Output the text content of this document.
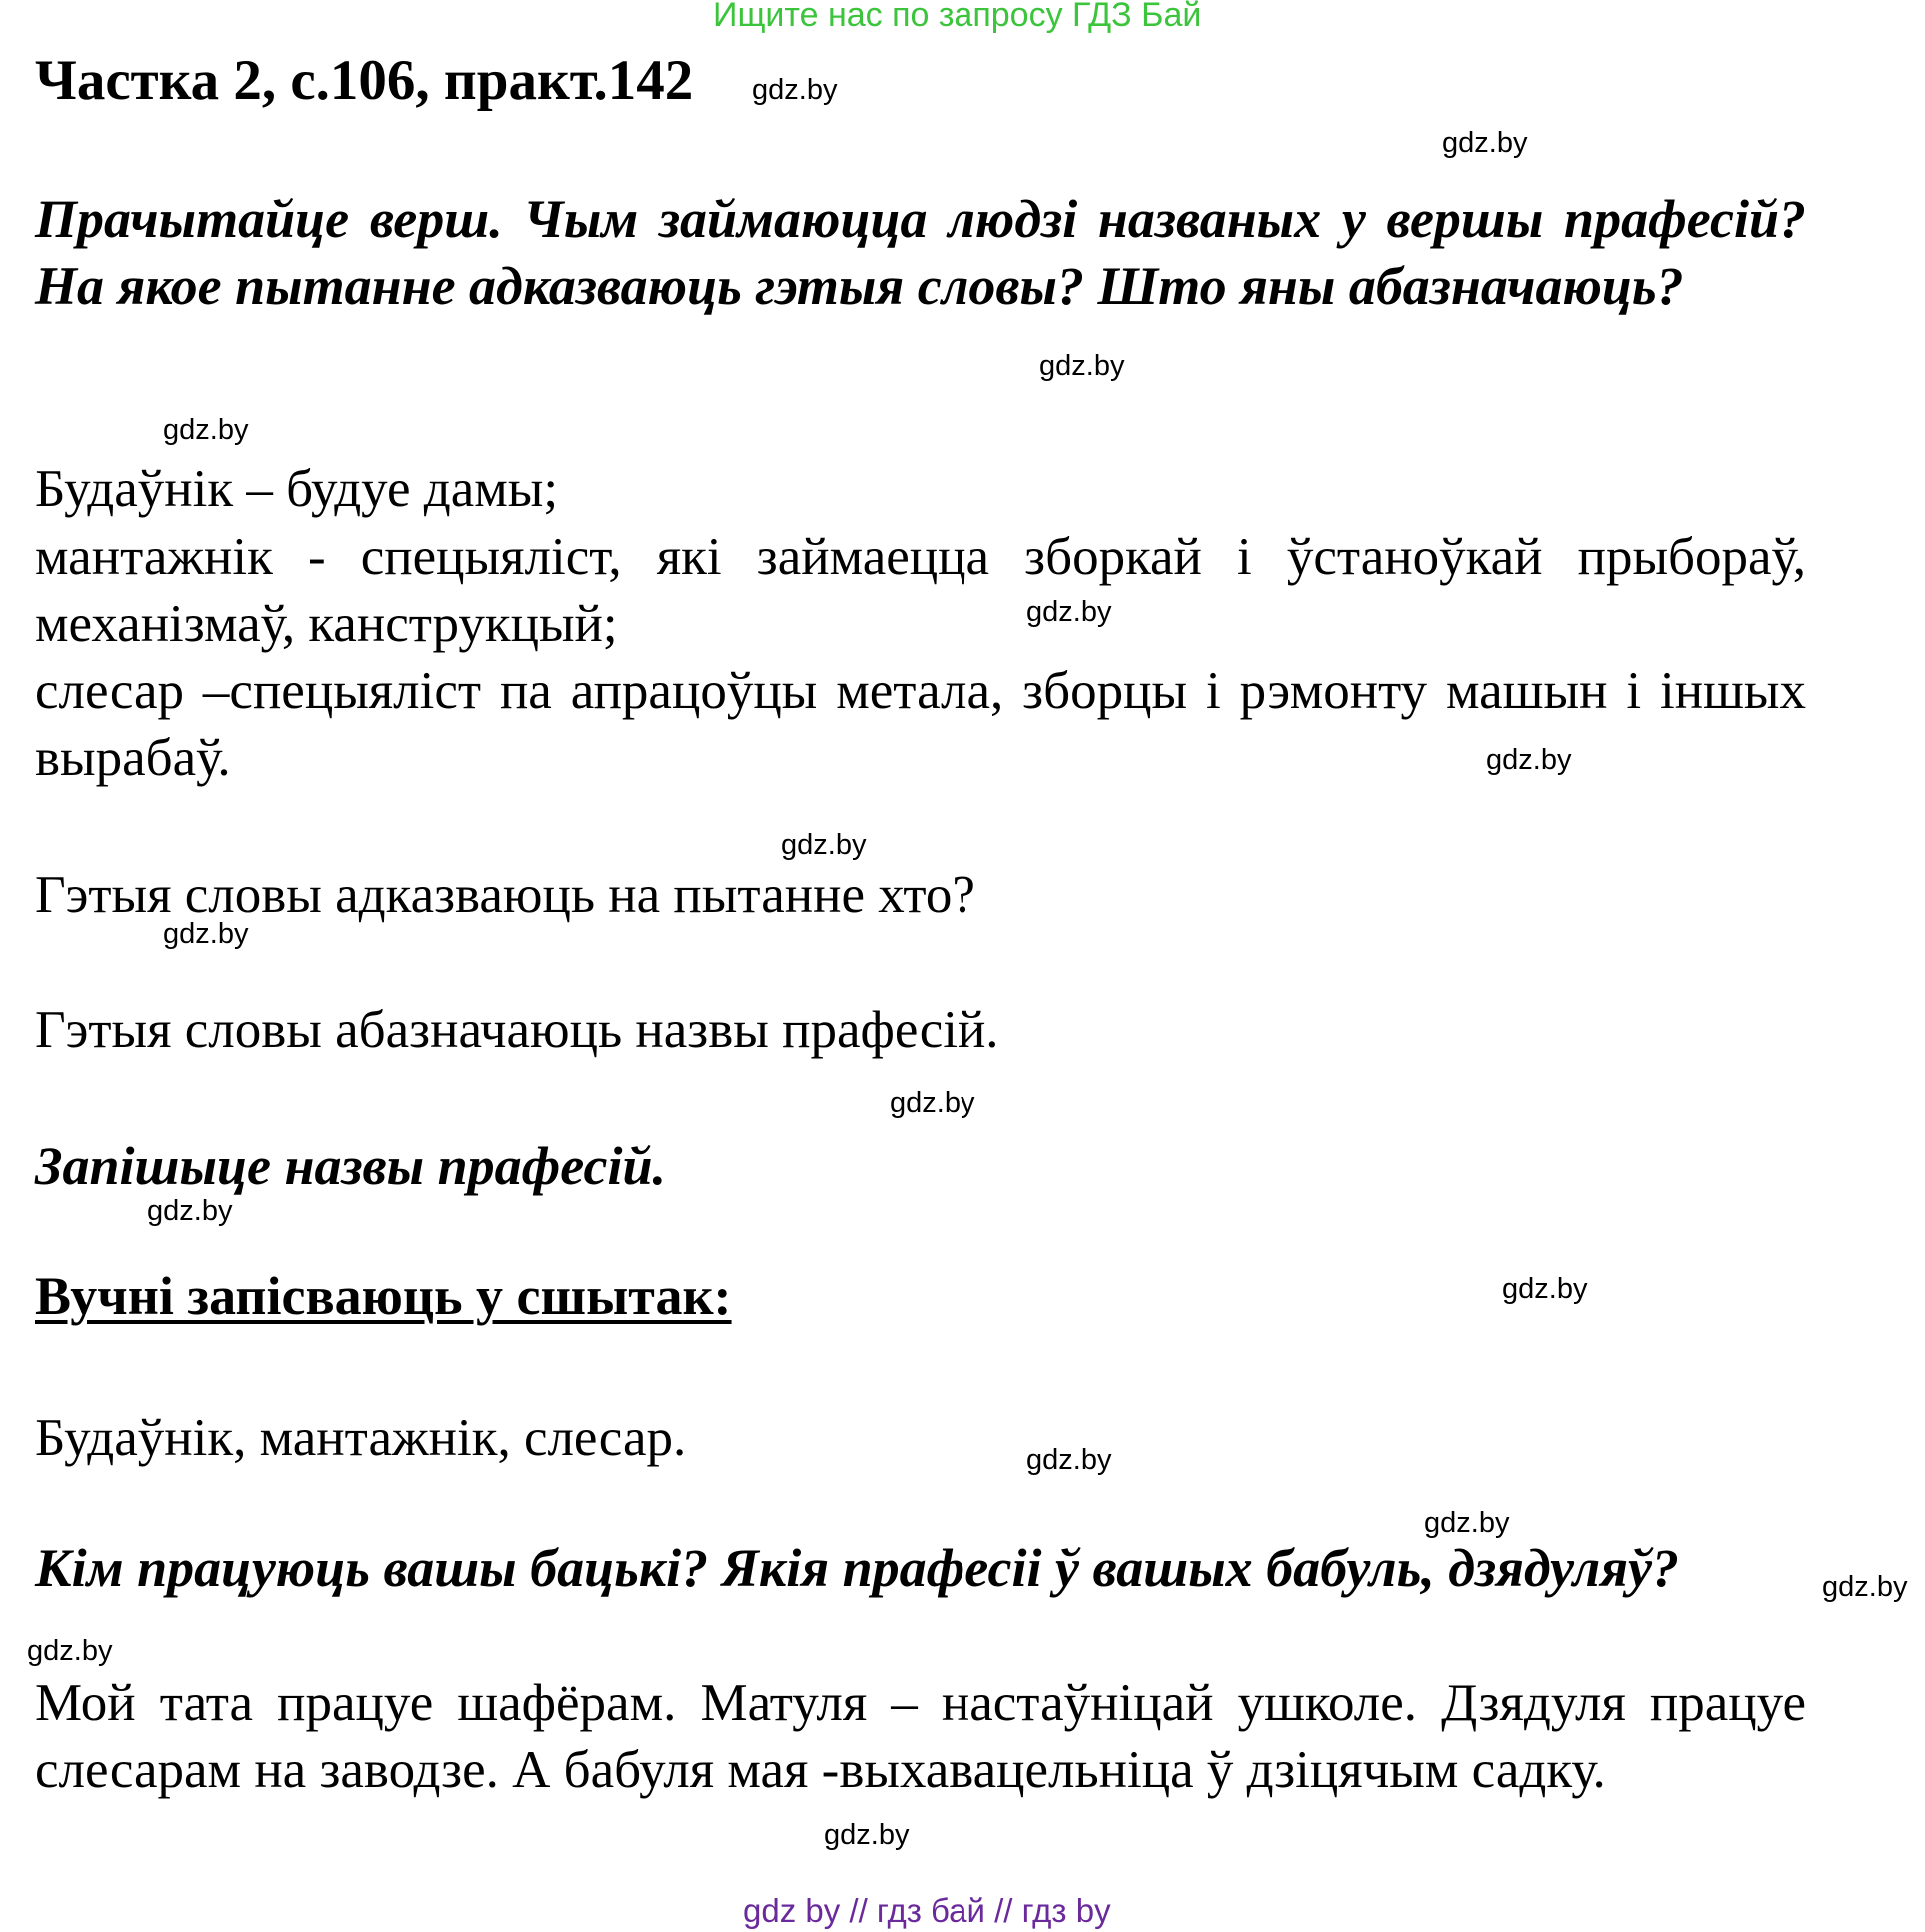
Ищите нас по запросу ГДЗ Бай
Частка 2, с.106, практ.142 gdz.by
gdz.by
Прачытайце верш. Чым займаюцца людзі названых у вершы прафесій? На якое пытанне адказваюць гэтыя словы? Што яны абазначаюць?
gdz.by
gdz.by
Будаўнік – будуе дамы;
мантажнік - спецыяліст, які займаецца зборкай і ўстаноўкай прыбораў, механізмаў, канструкцый;	gdz.by
слесар –спецыяліст па апрацоўцы метала, зборцы і рэмонту машын і іншых вырабаў.	gdz.by
gdz.by
Гэтыя словы адказваюць на пытанне хто?
gdz.by
Гэтыя словы абазначаюць назвы прафесій.
gdz.by
Запішыце назвы прафесій.
gdz.by
Вучні запісваюць у сшытак:	gdz.by
Будаўнік, мантажнік, слесар.	gdz.by
gdz.by
Кім працуюць вашы бацькі? Якія прафесіі ў вашых бабуль, дзядуляў?	gdz.by
gdz.by
Мой тата працуе шафёрам. Матуля – настаўніцай ушколе. Дзядуля працуе слесарам на заводзе. А бабуля мая -выхавацельніца ў дзіцячым садку.
gdz.by
gdz by // гдз бай // гдз by
